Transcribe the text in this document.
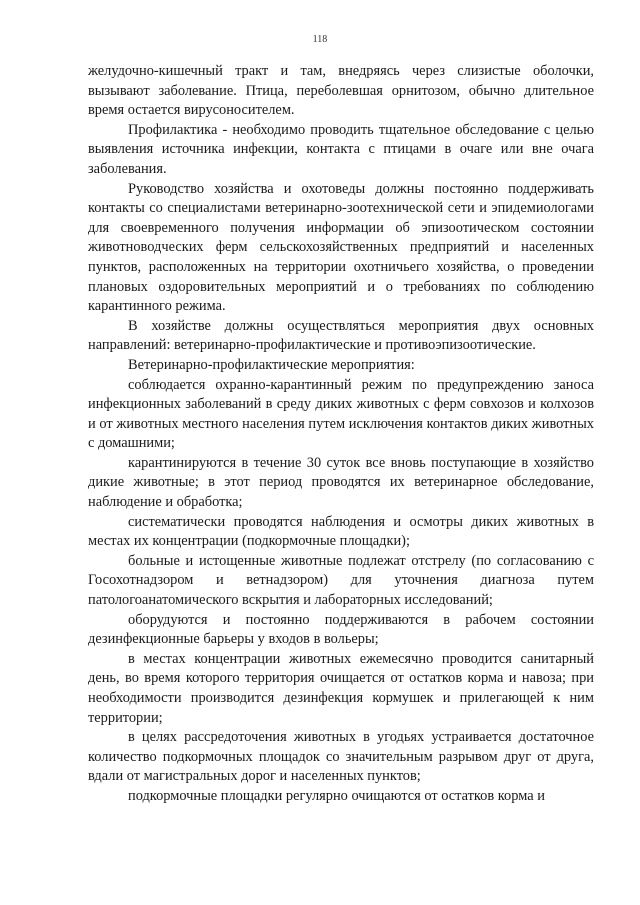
118

желудочно-кишечный тракт и там, внедряясь через слизистые оболочки, вызывают заболевание. Птица, переболевшая орнитозом, обычно длительное время остается вирусоносителем.

Профилактика - необходимо проводить тщательное обследование с целью выявления источника инфекции, контакта с птицами в очаге или вне очага заболевания.

Руководство хозяйства и охотоведы должны постоянно поддерживать контакты со специалистами ветеринарно-зоотехнической сети и эпидемиологами для своевременного получения информации об эпизоотическом состоянии животноводческих ферм сельскохозяйственных предприятий и населенных пунктов, расположенных на территории охотничьего хозяйства, о проведении плановых оздоровительных мероприятий и о требованиях по соблюдению карантинного режима.

В хозяйстве должны осуществляться мероприятия двух основных направлений: ветеринарно-профилактические и противоэпизоотические.

Ветеринарно-профилактические мероприятия:

соблюдается охранно-карантинный режим по предупреждению заноса инфекционных заболеваний в среду диких животных с ферм совхозов и колхозов и от животных местного населения путем исключения контактов диких животных с домашними;

карантинируются в течение 30 суток все вновь поступающие в хозяйство дикие животные; в этот период проводятся их ветеринарное обследование, наблюдение и обработка;

систематически проводятся наблюдения и осмотры диких животных в местах их концентрации (подкормочные площадки);

больные и истощенные животные подлежат отстрелу (по согласованию с Госохотнадзором и ветнадзором) для уточнения диагноза путем патологоанатомического вскрытия и лабораторных исследований;

оборудуются и постоянно поддерживаются в рабочем состоянии дезинфекционные барьеры у входов в вольеры;

в местах концентрации животных ежемесячно проводится санитарный день, во время которого территория очищается от остатков корма и навоза; при необходимости производится дезинфекция кормушек и прилегающей к ним территории;

в целях рассредоточения животных в угодьях устраивается достаточное количество подкормочных площадок со значительным разрывом друг от друга, вдали от магистральных дорог и населенных пунктов;

подкормочные площадки регулярно очищаются от остатков корма и
